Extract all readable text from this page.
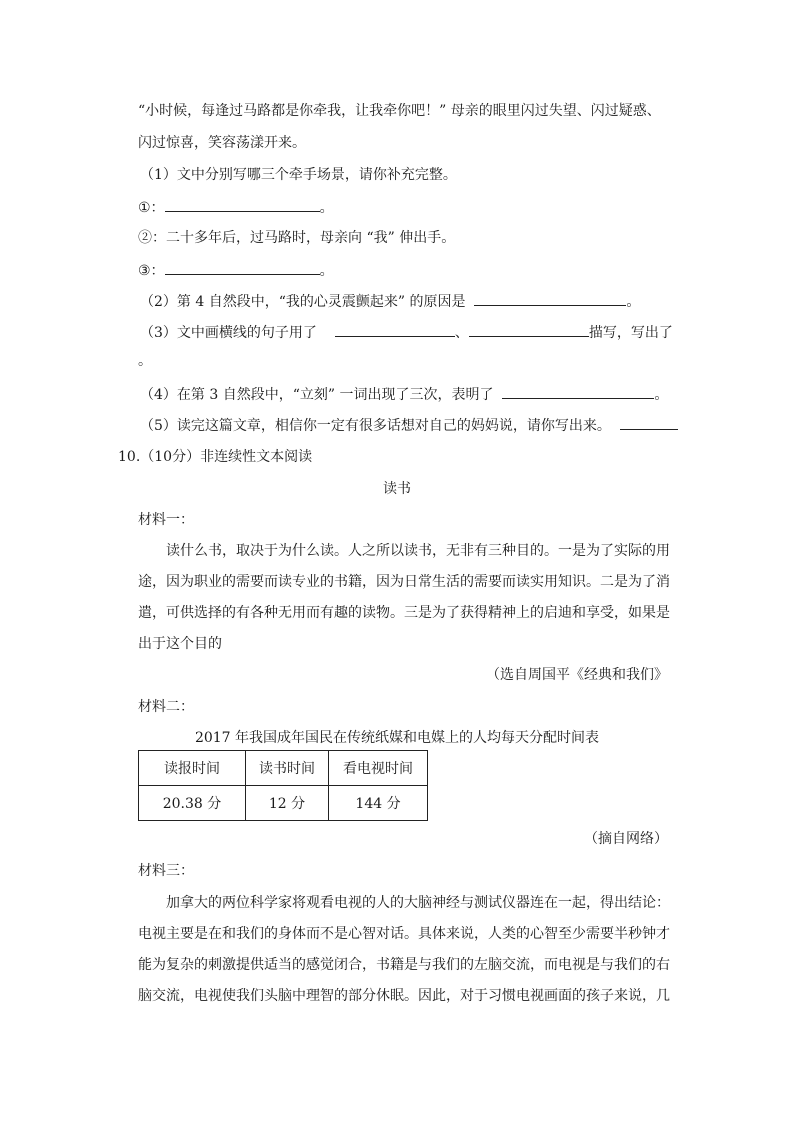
“小时候，每逢过马路都是你牵我，让我牵你吧！” 母亲的眼里闪过失望、闪过疑惑、
闪过惊喜，笑容荡漾开来。
（1）文中分别写哪三个牵手场景，请你补充完整。
①：	。
②：二十多年后，过马路时，母亲向 “我” 伸出手。
③：	。
（2）第 4 自然段中，“我的心灵震颤起来” 的原因是	。
（3）文中画横线的句子用了	、	描写，写出了
。
（4）在第 3 自然段中，“立刻” 一词出现了三次，表明了	。
（5）读完这篇文章，相信你一定有很多话想对自己的妈妈说，请你写出来。
10.（10分）非连续性文本阅读
读书
材料一：
读什么书，取决于为什么读。人之所以读书，无非有三种目的。一是为了实际的用
途，因为职业的需要而读专业的书籍，因为日常生活的需要而读实用知识。二是为了消
遣，可供选择的有各种无用而有趣的读物。三是为了获得精神上的启迪和享受，如果是
出于这个目的
（选自周国平《经典和我们》
材料二：
2017 年我国成年国民在传统纸媒和电媒上的人均每天分配时间表
读报时间	读书时间	看电视时间
20.38 分	12 分	144 分
（摘自网络）
材料三：
加拿大的两位科学家将观看电视的人的大脑神经与测试仪器连在一起，得出结论：
电视主要是在和我们的身体而不是心智对话。具体来说，人类的心智至少需要半秒钟才
能为复杂的刺激提供适当的感觉闭合，书籍是与我们的左脑交流，而电视是与我们的右
脑交流，电视使我们头脑中理智的部分休眠。因此，对于习惯电视画面的孩子来说，几
